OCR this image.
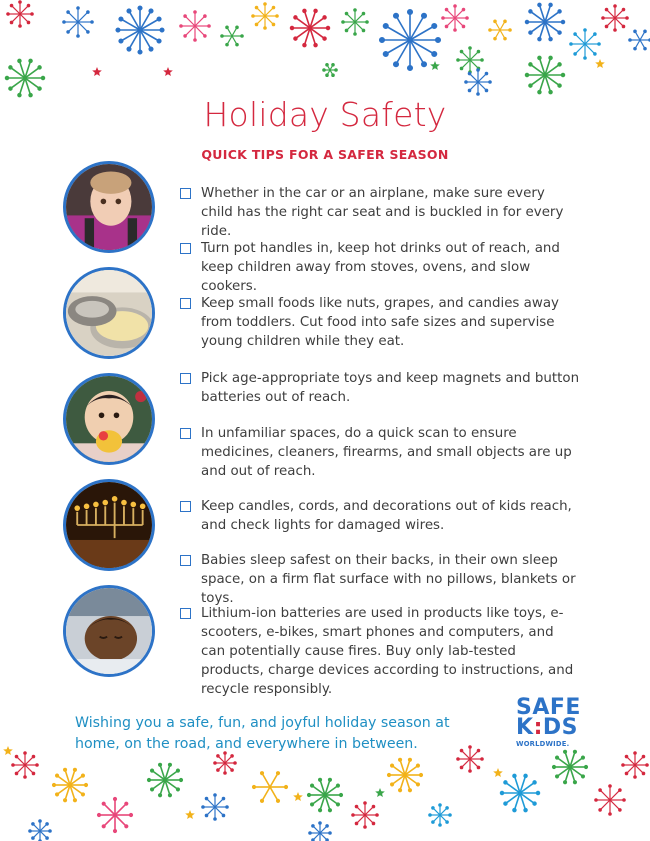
Holiday Safety
QUICK TIPS FOR A SAFER SEASON
Whether in the car or an airplane, make sure every child has the right car seat and is buckled in for every ride.
Turn pot handles in, keep hot drinks out of reach, and keep children away from stoves, ovens, and slow cookers.
Keep small foods like nuts, grapes, and candies away from toddlers. Cut food into safe sizes and supervise young children while they eat.
Pick age-appropriate toys and keep magnets and button batteries out of reach.
In unfamiliar spaces, do a quick scan to ensure medicines, cleaners, firearms, and small objects are up and out of reach.
Keep candles, cords, and decorations out of kids reach, and check lights for damaged wires.
Babies sleep safest on their backs, in their own sleep space, on a firm flat surface with no pillows, blankets or toys.
Lithium-ion batteries are used in products like toys, e-scooters, e-bikes, smart phones and computers, and can potentially cause fires. Buy only lab-tested products, charge devices according to instructions, and recycle responsibly.
Wishing you a safe, fun, and joyful holiday season at home, on the road, and everywhere in between.
SAFE
K:DS
WORLDWIDE.
